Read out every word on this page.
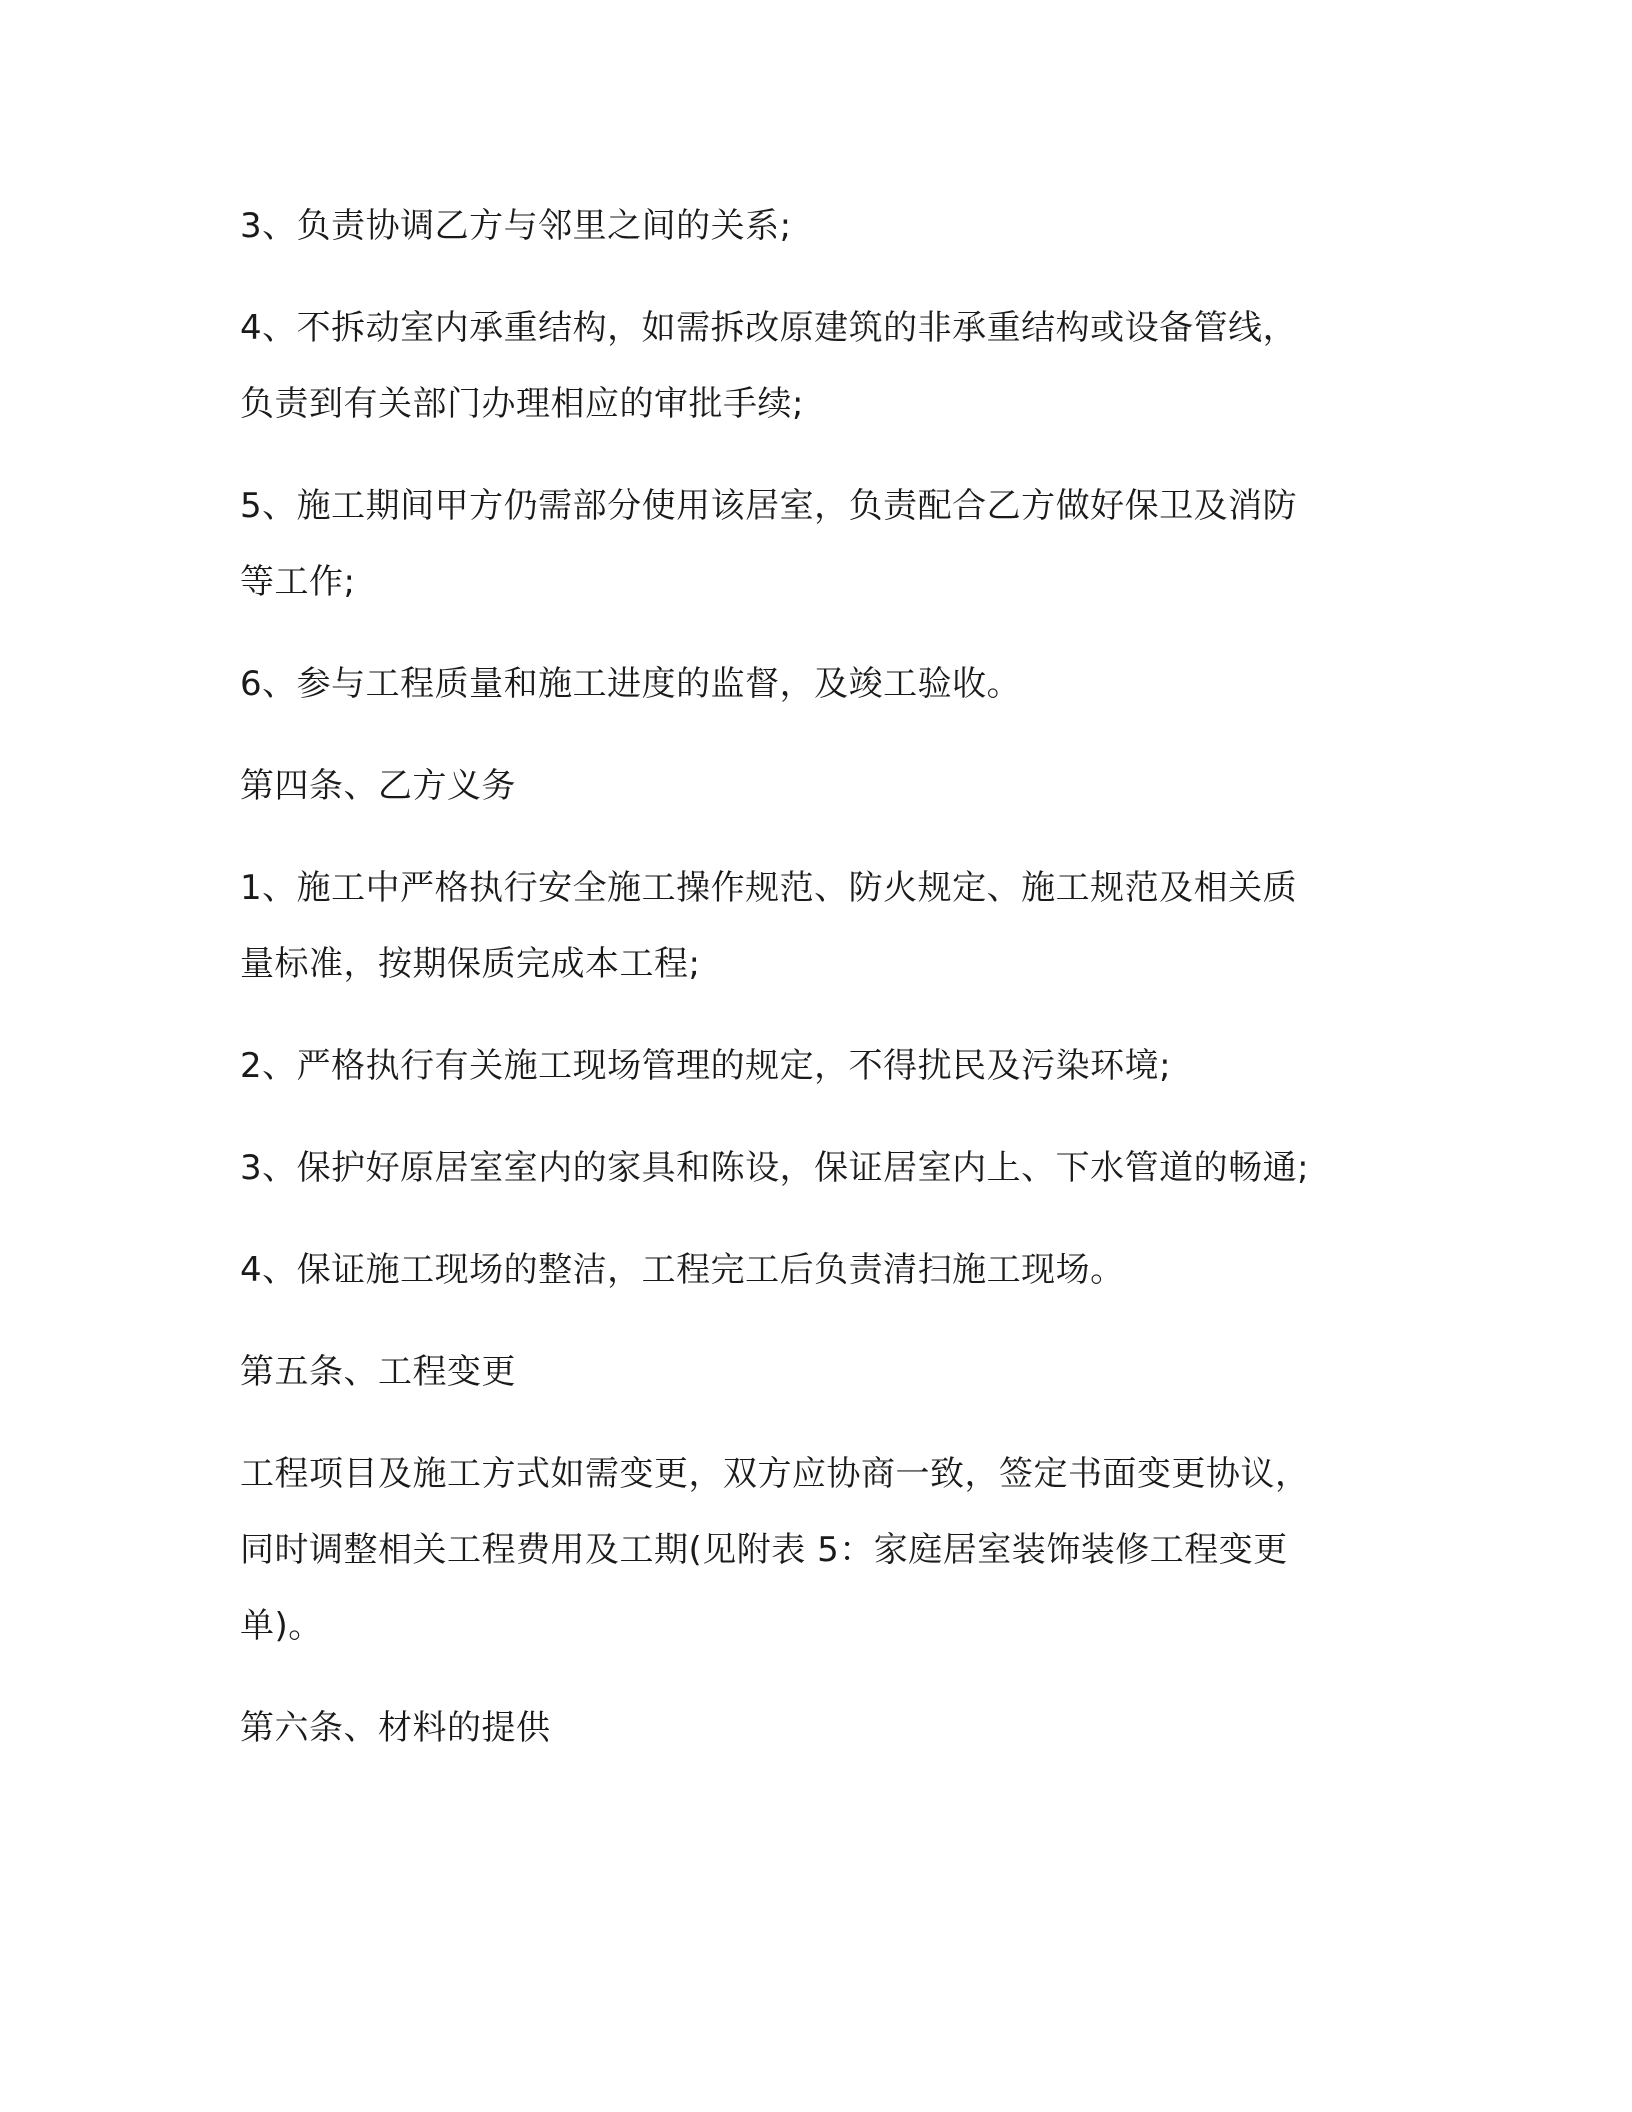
3、负责协调乙方与邻里之间的关系;

4、不拆动室内承重结构，如需拆改原建筑的非承重结构或设备管线，
负责到有关部门办理相应的审批手续;

5、施工期间甲方仍需部分使用该居室，负责配合乙方做好保卫及消防
等工作;

6、参与工程质量和施工进度的监督，及竣工验收。

第四条、乙方义务

1、施工中严格执行安全施工操作规范、防火规定、施工规范及相关质
量标准，按期保质完成本工程;

2、严格执行有关施工现场管理的规定，不得扰民及污染环境;

3、保护好原居室室内的家具和陈设，保证居室内上、下水管道的畅通;

4、保证施工现场的整洁，工程完工后负责清扫施工现场。

第五条、工程变更

工程项目及施工方式如需变更，双方应协商一致，签定书面变更协议，
同时调整相关工程费用及工期(见附表 5：家庭居室装饰装修工程变更
单)。

第六条、材料的提供
